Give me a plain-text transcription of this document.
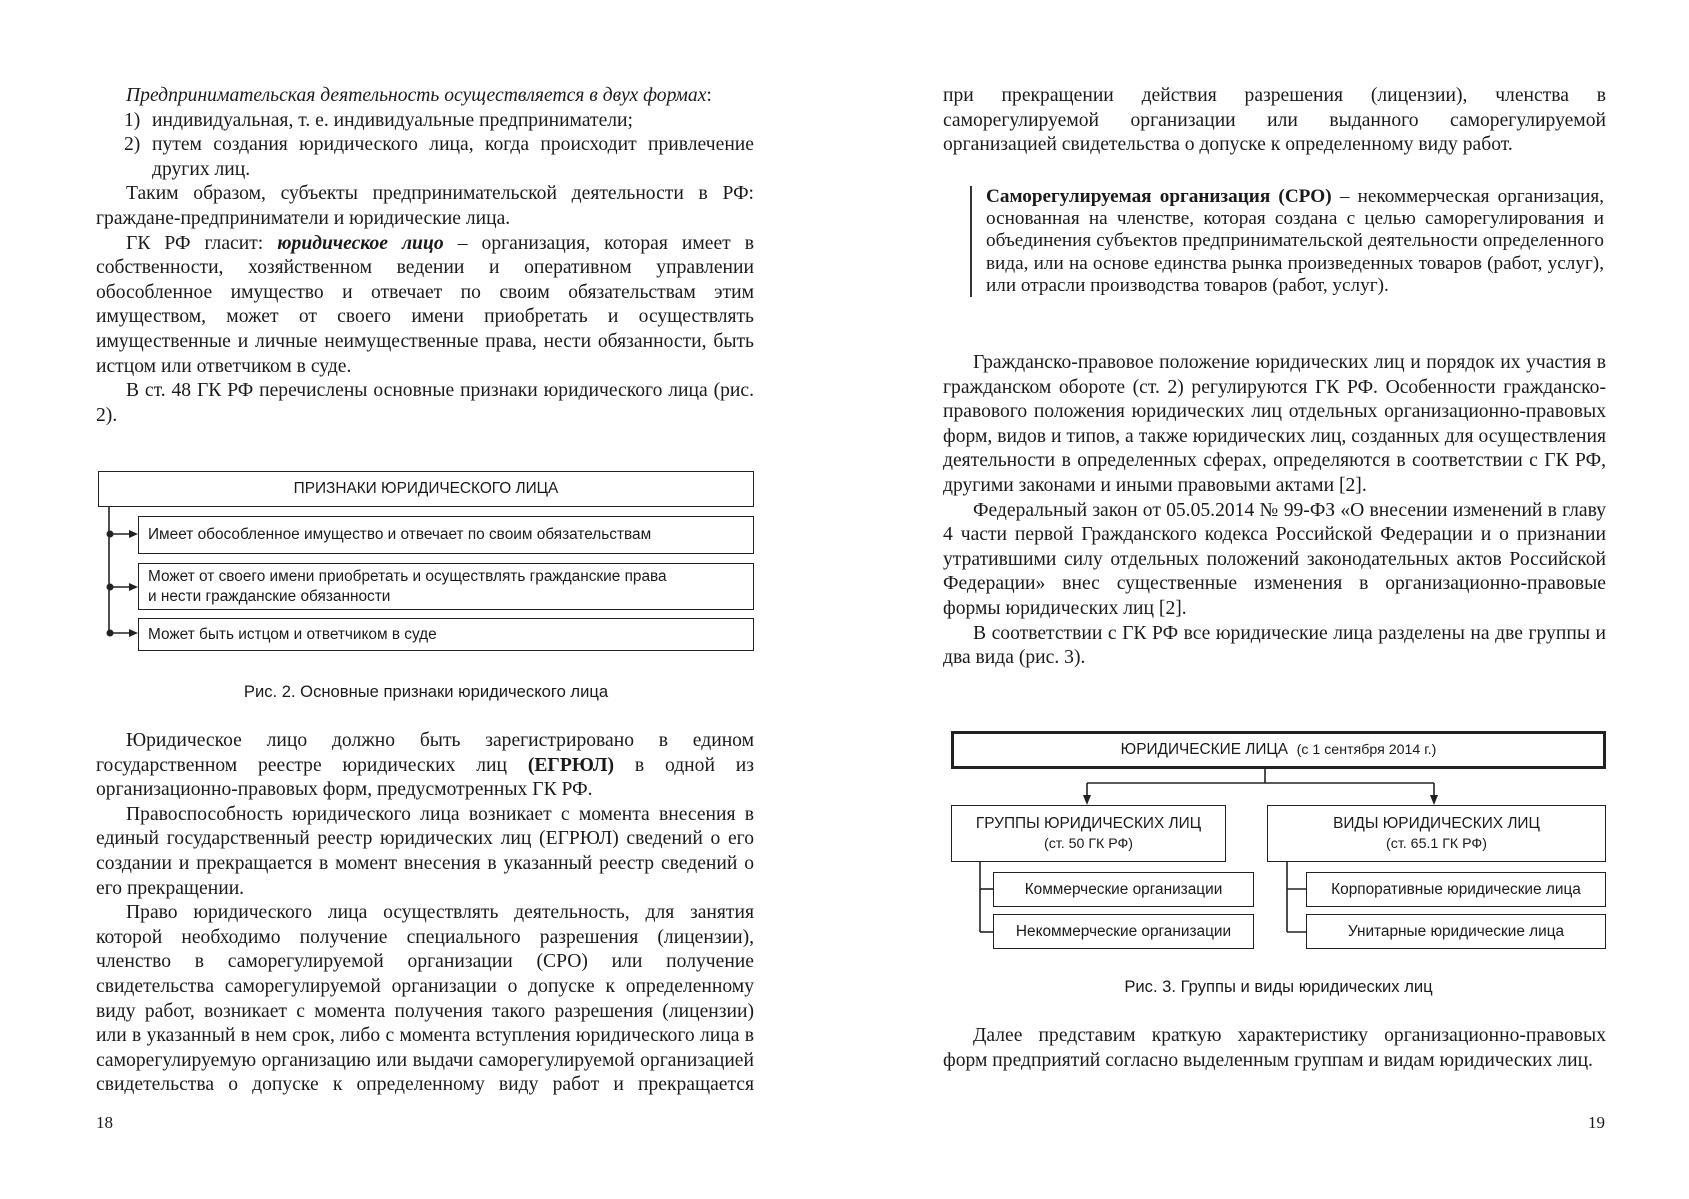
Предпринимательская деятельность осуществляется в двух формах:

1) индивидуальная, т. е. индивидуальные предприниматели;
2) путем создания юридического лица, когда происходит привлечение других лиц.

Таким образом, субъекты предпринимательской деятельности в РФ: граждане-предприниматели и юридические лица.

ГК РФ гласит: юридическое лицо – организация, которая имеет в собственности, хозяйственном ведении и оперативном управлении обособленное имущество и отвечает по своим обязательствам этим имуществом, может от своего имени приобретать и осуществлять имущественные и личные неимущественные права, нести обязанности, быть истцом или ответчиком в суде.

В ст. 48 ГК РФ перечислены основные признаки юридического лица (рис. 2).

ПРИЗНАКИ ЮРИДИЧЕСКОГО ЛИЦА
Имеет обособленное имущество и отвечает по своим обязательствам
Может от своего имени приобретать и осуществлять гражданские права
и нести гражданские обязанности
Может быть истцом и ответчиком в суде
Рис. 2. Основные признаки юридического лица

Юридическое лицо должно быть зарегистрировано в едином государственном реестре юридических лиц (ЕГРЮЛ) в одной из организационно-правовых форм, предусмотренных ГК РФ.

Правоспособность юридического лица возникает с момента внесения в единый государственный реестр юридических лиц (ЕГРЮЛ) сведений о его создании и прекращается в момент внесения в указанный реестр сведений о его прекращении.

Право юридического лица осуществлять деятельность, для занятия которой необходимо получение специального разрешения (лицензии), членство в саморегулируемой организации (СРО) или получение свидетельства саморегулируемой организации о допуске к определенному виду работ, возникает с момента получения такого разрешения (лицензии) или в указанный в нем срок, либо с момента вступления юридического лица в саморегулируемую организацию или выдачи саморегулируемой организацией свидетельства о допуске к определенному виду работ и прекращается

18

при прекращении действия разрешения (лицензии), членства в саморегулируемой организации или выданного саморегулируемой организацией свидетельства о допуске к определенному виду работ.

Саморегулируемая организация (СРО) – некоммерческая организация, основанная на членстве, которая создана с целью саморегулирования и объединения субъектов предпринимательской деятельности определенного вида, или на основе единства рынка произведенных товаров (работ, услуг), или отрасли производства товаров (работ, услуг).

Гражданско-правовое положение юридических лиц и порядок их участия в гражданском обороте (ст. 2) регулируются ГК РФ. Особенности гражданско-правового положения юридических лиц отдельных организационно-правовых форм, видов и типов, а также юридических лиц, созданных для осуществления деятельности в определенных сферах, определяются в соответствии с ГК РФ, другими законами и иными правовыми актами [2].

Федеральный закон от 05.05.2014 № 99-ФЗ «О внесении изменений в главу 4 части первой Гражданского кодекса Российской Федерации и о признании утратившими силу отдельных положений законодательных актов Российской Федерации» внес существенные изменения в организационно-правовые формы юридических лиц [2].

В соответствии с ГК РФ все юридические лица разделены на две группы и два вида (рис. 3).

ЮРИДИЧЕСКИЕ ЛИЦА
(с 1 сентября 2014 г.)
ГРУППЫ ЮРИДИЧЕСКИХ ЛИЦ
(ст. 50 ГК РФ)
ВИДЫ ЮРИДИЧЕСКИХ ЛИЦ
(ст. 65.1 ГК РФ)
Коммерческие организации
Некоммерческие организации
Корпоративные юридические лица
Унитарные юридические лица
Рис. 3. Группы и виды юридических лиц

Далее представим краткую характеристику организационно-правовых форм предприятий согласно выделенным группам и видам юридических лиц.

19
